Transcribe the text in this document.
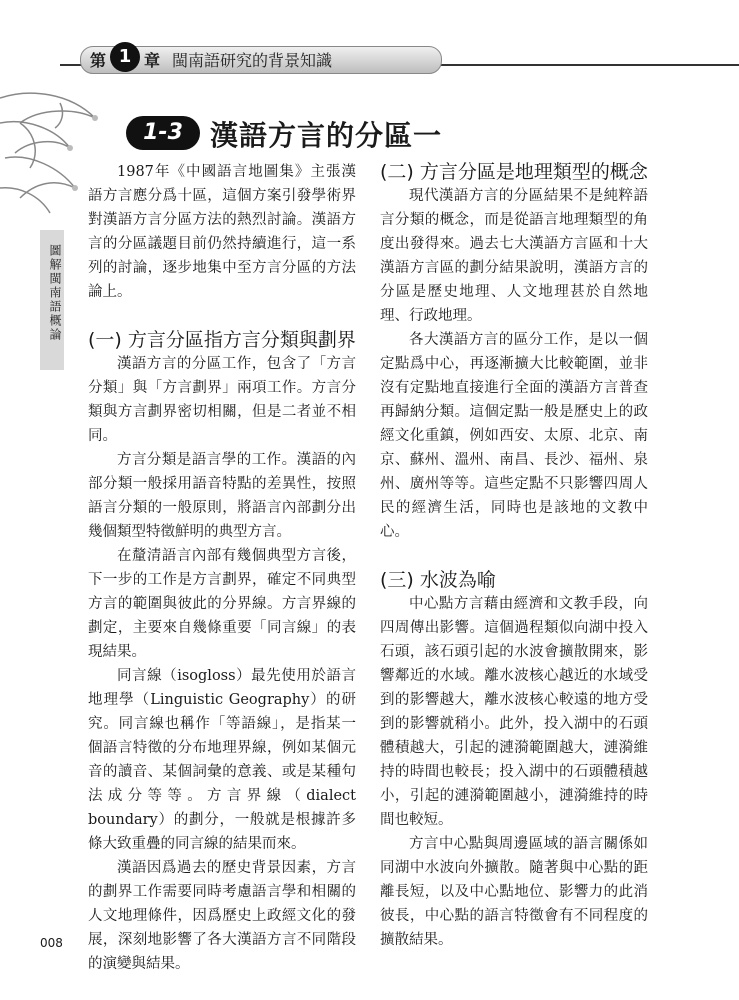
第 1 章 閩南語研究的背景知識
圖解閩南語概論
1-3 漢語方言的分區一

1987年《中國語言地圖集》主張漢語方言應分爲十區，這個方案引發學術界對漢語方言分區方法的熱烈討論。漢語方言的分區議題目前仍然持續進行，這一系列的討論，逐步地集中至方言分區的方法論上。

(一) 方言分區指方言分類與劃界

漢語方言的分區工作，包含了「方言分類」與「方言劃界」兩項工作。方言分類與方言劃界密切相關，但是二者並不相同。

方言分類是語言學的工作。漢語的內部分類一般採用語音特點的差異性，按照語言分類的一般原則，將語言內部劃分出幾個類型特徵鮮明的典型方言。

在釐清語言內部有幾個典型方言後，下一步的工作是方言劃界，確定不同典型方言的範圍與彼此的分界線。方言界線的劃定，主要來自幾條重要「同言線」的表現結果。

同言線（isogloss）最先使用於語言地理學（Linguistic Geography）的研究。同言線也稱作「等語線」，是指某一個語言特徵的分布地理界線，例如某個元音的讀音、某個詞彙的意義、或是某種句法成分等等。方言界線（dialect boundary）的劃分，一般就是根據許多條大致重疊的同言線的結果而來。

漢語因爲過去的歷史背景因素，方言的劃界工作需要同時考慮語言學和相關的人文地理條件，因爲歷史上政經文化的發展，深刻地影響了各大漢語方言不同階段的演變與結果。

(二) 方言分區是地理類型的概念

現代漢語方言的分區結果不是純粹語言分類的概念，而是從語言地理類型的角度出發得來。過去七大漢語方言區和十大漢語方言區的劃分結果說明，漢語方言的分區是歷史地理、人文地理甚於自然地理、行政地理。

各大漢語方言的區分工作，是以一個定點爲中心，再逐漸擴大比較範圍，並非沒有定點地直接進行全面的漢語方言普查再歸納分類。這個定點一般是歷史上的政經文化重鎮，例如西安、太原、北京、南京、蘇州、溫州、南昌、長沙、福州、泉州、廣州等等。這些定點不只影響四周人民的經濟生活，同時也是該地的文教中心。

(三) 水波為喻

中心點方言藉由經濟和文教手段，向四周傳出影響。這個過程類似向湖中投入石頭，該石頭引起的水波會擴散開來，影響鄰近的水域。離水波核心越近的水域受到的影響越大，離水波核心較遠的地方受到的影響就稍小。此外，投入湖中的石頭體積越大，引起的漣漪範圍越大，漣漪維持的時間也較長；投入湖中的石頭體積越小，引起的漣漪範圍越小，漣漪維持的時間也較短。

方言中心點與周邊區域的語言關係如同湖中水波向外擴散。隨著與中心點的距離長短，以及中心點地位、影響力的此消彼長，中心點的語言特徵會有不同程度的擴散結果。

008
